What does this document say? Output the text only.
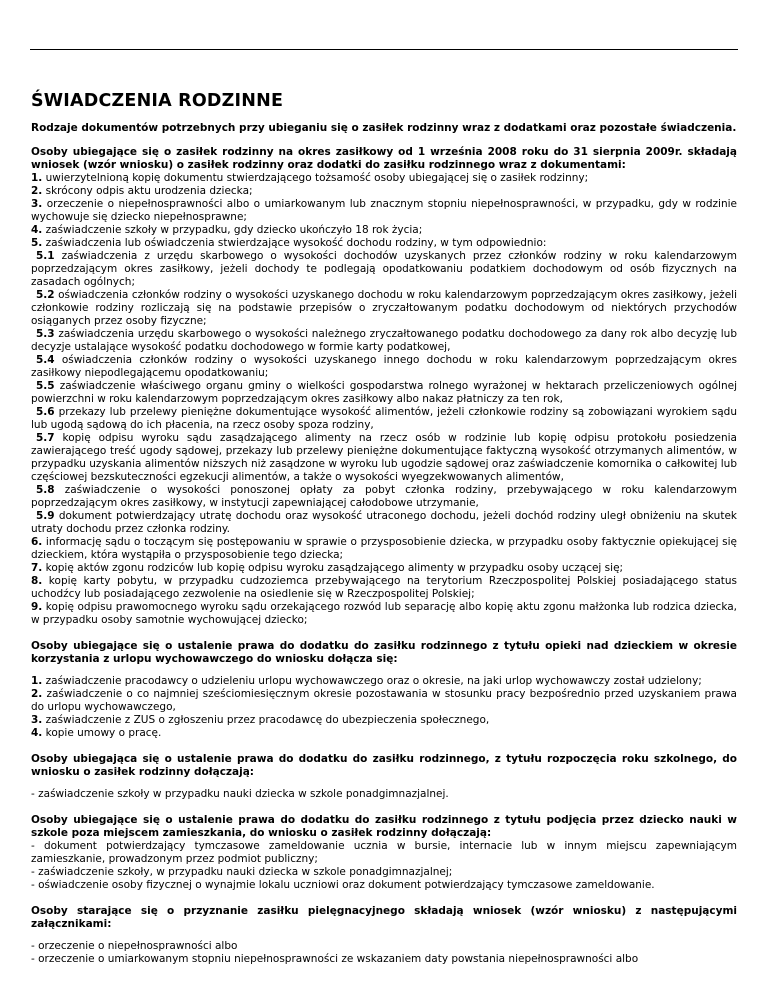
ŚWIADCZENIA RODZINNE

Rodzaje dokumentów potrzebnych przy ubieganiu się o zasiłek rodzinny wraz z dodatkami oraz pozostałe świadczenia.

Osoby ubiegające się o zasiłek rodzinny na okres zasiłkowy od 1 września 2008 roku do 31 sierpnia 2009r. składają wniosek (wzór wniosku) o zasiłek rodzinny oraz dodatki do zasiłku rodzinnego wraz z dokumentami:

1. uwierzytelnioną kopię dokumentu stwierdzającego tożsamość osoby ubiegającej się o zasiłek rodzinny;

2. skrócony odpis aktu urodzenia dziecka;

3. orzeczenie o niepełnosprawności albo o umiarkowanym lub znacznym stopniu niepełnosprawności, w przypadku, gdy w rodzinie wychowuje się dziecko niepełnosprawne;

4. zaświadczenie szkoły w przypadku, gdy dziecko ukończyło 18 rok życia;

5. zaświadczenia lub oświadczenia stwierdzające wysokość dochodu rodziny, w tym odpowiednio:

5.1 zaświadczenia z urzędu skarbowego o wysokości dochodów uzyskanych przez członków rodziny w roku kalendarzowym poprzedzającym okres zasiłkowy, jeżeli dochody te podlegają opodatkowaniu podatkiem dochodowym od osób fizycznych na zasadach ogólnych;

5.2 oświadczenia członków rodziny o wysokości uzyskanego dochodu w roku kalendarzowym poprzedzającym okres zasiłkowy, jeżeli członkowie rodziny rozliczają się na podstawie przepisów o zryczałtowanym podatku dochodowym od niektórych przychodów osiąganych przez osoby fizyczne;

5.3 zaświadczenia urzędu skarbowego o wysokości należnego zryczałtowanego podatku dochodowego za dany rok albo decyzję lub decyzje ustalające wysokość podatku dochodowego w formie karty podatkowej,

5.4 oświadczenia członków rodziny o wysokości uzyskanego innego dochodu w roku kalendarzowym poprzedzającym okres zasiłkowy niepodlegającemu opodatkowaniu;

5.5 zaświadczenie właściwego organu gminy o wielkości gospodarstwa rolnego wyrażonej w hektarach przeliczeniowych ogólnej powierzchni w roku kalendarzowym poprzedzającym okres zasiłkowy albo nakaz płatniczy za ten rok,

5.6 przekazy lub przelewy pieniężne dokumentujące wysokość alimentów, jeżeli członkowie rodziny są zobowiązani wyrokiem sądu lub ugodą sądową do ich płacenia, na rzecz osoby spoza rodziny,

5.7 kopię odpisu wyroku sądu zasądzającego alimenty na rzecz osób w rodzinie lub kopię odpisu protokołu posiedzenia zawierającego treść ugody sądowej, przekazy lub przelewy pieniężne dokumentujące faktyczną wysokość otrzymanych alimentów, w przypadku uzyskania alimentów niższych niż zasądzone w wyroku lub ugodzie sądowej oraz zaświadczenie komornika o całkowitej lub częściowej bezskuteczności egzekucji alimentów, a także o wysokości wyegzekwowanych alimentów,

5.8 zaświadczenie o wysokości ponoszonej opłaty za pobyt członka rodziny, przebywającego w roku kalendarzowym poprzedzającym okres zasiłkowy, w instytucji zapewniającej całodobowe utrzymanie,

5.9 dokument potwierdzający utratę dochodu oraz wysokość utraconego dochodu, jeżeli dochód rodziny uległ obniżeniu na skutek utraty dochodu przez członka rodziny.

6. informację sądu o toczącym się postępowaniu w sprawie o przysposobienie dziecka, w przypadku osoby faktycznie opiekującej się dzieckiem, która wystąpiła o przysposobienie tego dziecka;

7. kopię aktów zgonu rodziców lub kopię odpisu wyroku zasądzającego alimenty w przypadku osoby uczącej się;

8. kopię karty pobytu, w przypadku cudzoziemca przebywającego na terytorium Rzeczpospolitej Polskiej posiadającego status uchodźcy lub posiadającego zezwolenie na osiedlenie się w Rzeczpospolitej Polskiej;

9. kopię odpisu prawomocnego wyroku sądu orzekającego rozwód lub separację albo kopię aktu zgonu małżonka lub rodzica dziecka, w przypadku osoby samotnie wychowującej dziecko;

Osoby ubiegające się o ustalenie prawa do dodatku do zasiłku rodzinnego z tytułu opieki nad dzieckiem w okresie korzystania z urlopu wychowawczego do wniosku dołącza się:

1. zaświadczenie pracodawcy o udzieleniu urlopu wychowawczego oraz o okresie, na jaki urlop wychowawczy został udzielony;

2. zaświadczenie o co najmniej sześciomiesięcznym okresie pozostawania w stosunku pracy bezpośrednio przed uzyskaniem prawa do urlopu wychowawczego,

3. zaświadczenie z ZUS o zgłoszeniu przez pracodawcę do ubezpieczenia społecznego,

4. kopie umowy o pracę.

Osoby ubiegająca się o ustalenie prawa do dodatku do zasiłku rodzinnego, z tytułu rozpoczęcia roku szkolnego, do wniosku o zasiłek rodzinny dołączają:

- zaświadczenie szkoły w przypadku nauki dziecka w szkole ponadgimnazjalnej.

Osoby ubiegające się o ustalenie prawa do dodatku do zasiłku rodzinnego z tytułu podjęcia przez dziecko nauki w szkole poza miejscem zamieszkania, do wniosku o zasiłek rodzinny dołączają:

- dokument potwierdzający tymczasowe zameldowanie ucznia w bursie, internacie lub w innym miejscu zapewniającym zamieszkanie, prowadzonym przez podmiot publiczny;

- zaświadczenie szkoły, w przypadku nauki dziecka w szkole ponadgimnazjalnej;

- oświadczenie osoby fizycznej o wynajmie lokalu uczniowi oraz dokument potwierdzający tymczasowe zameldowanie.

Osoby starające się o przyznanie zasiłku pielęgnacyjnego składają wniosek (wzór wniosku) z następującymi załącznikami:

- orzeczenie o niepełnosprawności albo

- orzeczenie o umiarkowanym stopniu niepełnosprawności ze wskazaniem daty powstania niepełnosprawności albo
